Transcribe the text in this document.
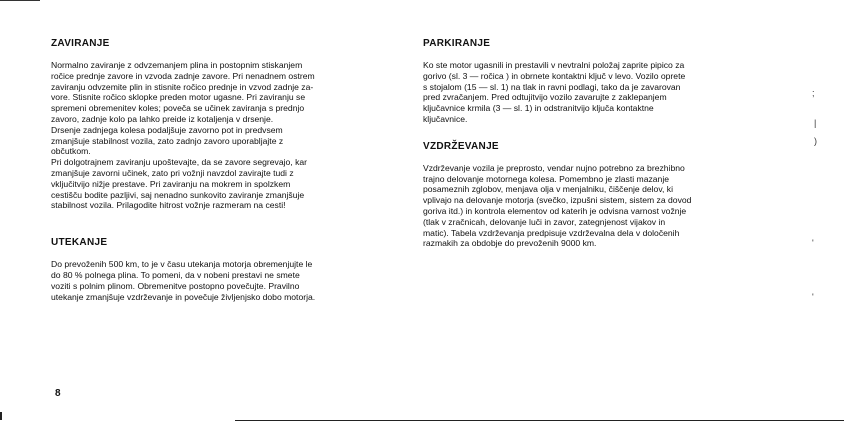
ZAVIRANJE

Normalno zaviranje z odvzemanjem plina in postopnim stiskanjem
ročice prednje zavore in vzvoda zadnje zavore. Pri nenadnem ostrem
zaviranju odvzemite plin in stisnite ročico prednje in vzvod zadnje za-
vore. Stisnite ročico sklopke preden motor ugasne. Pri zaviranju se
spremeni obremenitev koles; poveča se učinek zaviranja s prednjo
zavoro, zadnje kolo pa lahko preide iz kotaljenja v drsenje.
Drsenje zadnjega kolesa podaljšuje zavorno pot in predvsem
zmanjšuje stabilnost vozila, zato zadnjo zavoro uporabljajte z
občutkom.
Pri dolgotrajnem zaviranju upoštevajte, da se zavore segrevajo, kar
zmanjšuje zavorni učinek, zato pri vožnji navzdol zavirajte tudi z
vključitvijo nižje prestave. Pri zaviranju na mokrem in spolzkem
cestišču bodite pazljivi, saj nenadno sunkovito zaviranje zmanjšuje
stabilnost vozila. Prilagodite hitrost vožnje razmeram na cesti!

UTEKANJE

Do prevoženih 500 km, to je v času utekanja motorja obremenjujte le
do 80 % polnega plina. To pomeni, da v nobeni prestavi ne smete
voziti s polnim plinom. Obremenitve postopno povečujte. Pravilno
utekanje zmanjšuje vzdrževanje in povečuje življenjsko dobo motorja.

PARKIRANJE

Ko ste motor ugasnili in prestavili v nevtralni položaj zaprite pipico za
gorivo (sl. 3 — ročica ) in obrnete kontaktni ključ v levo. Vozilo oprete
s stojalom (15 — sl. 1) na tlak in ravni podlagi, tako da je zavarovan
pred zvračanjem. Pred odtujitvijo vozilo zavarujte z zaklepanjem
ključavnice krmila (3 — sl. 1) in odstranitvijo ključa kontaktne
ključavnice.

VZDRŽEVANJE

Vzdrževanje vozila je preprosto, vendar nujno potrebno za brezhibno
trajno delovanje motornega kolesa. Pomembno je zlasti mazanje
posameznih zglobov, menjava olja v menjalniku, čiščenje delov, ki
vplivajo na delovanje motorja (svečko, izpušni sistem, sistem za dovod
goriva itd.) in kontrola elementov od katerih je odvisna varnost vožnje
(tlak v zračnicah, delovanje luči in zavor, zategnjenost vijakov in
matic). Tabela vzdrževanja predpisuje vzdrževalna dela v določenih
razmakih za obdobje do prevoženih 9000 km.

8
;
|
)
'
'
